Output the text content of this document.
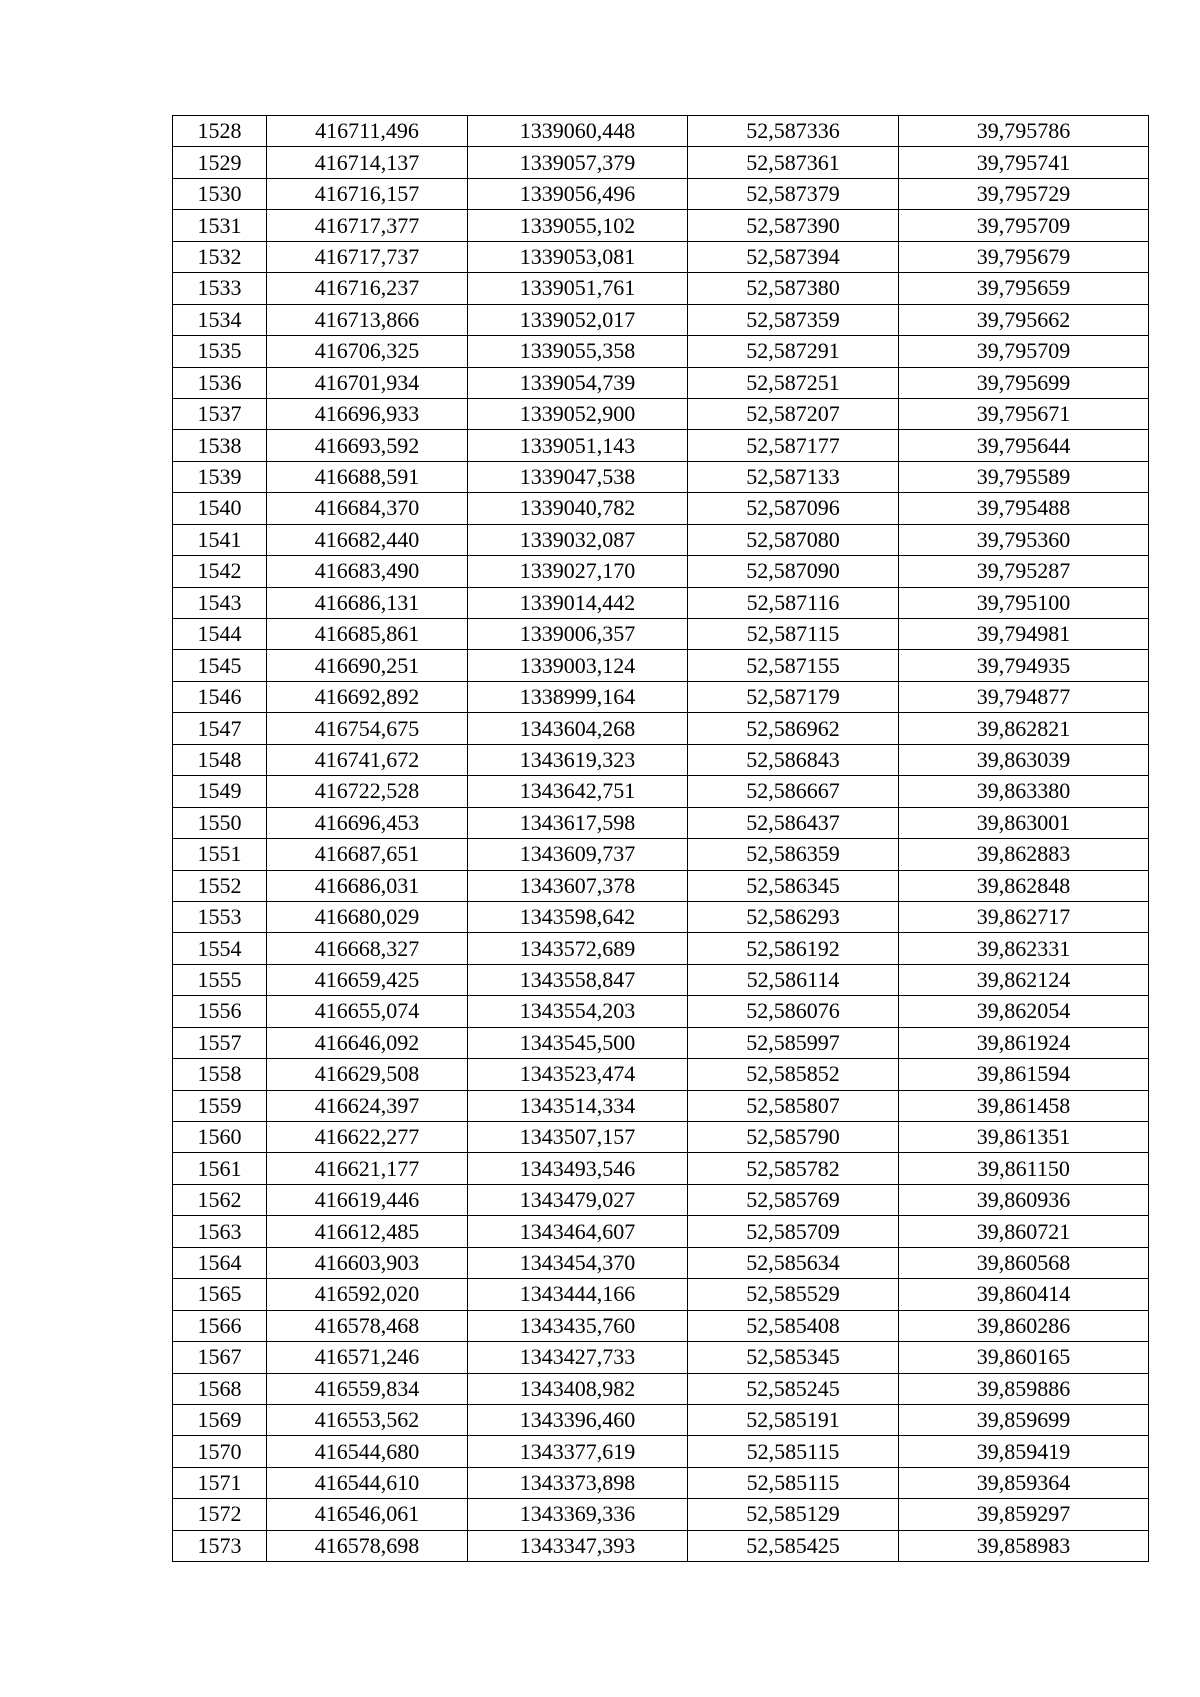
1528	416711,496	1339060,448	52,587336	39,795786
1529	416714,137	1339057,379	52,587361	39,795741
1530	416716,157	1339056,496	52,587379	39,795729
1531	416717,377	1339055,102	52,587390	39,795709
1532	416717,737	1339053,081	52,587394	39,795679
1533	416716,237	1339051,761	52,587380	39,795659
1534	416713,866	1339052,017	52,587359	39,795662
1535	416706,325	1339055,358	52,587291	39,795709
1536	416701,934	1339054,739	52,587251	39,795699
1537	416696,933	1339052,900	52,587207	39,795671
1538	416693,592	1339051,143	52,587177	39,795644
1539	416688,591	1339047,538	52,587133	39,795589
1540	416684,370	1339040,782	52,587096	39,795488
1541	416682,440	1339032,087	52,587080	39,795360
1542	416683,490	1339027,170	52,587090	39,795287
1543	416686,131	1339014,442	52,587116	39,795100
1544	416685,861	1339006,357	52,587115	39,794981
1545	416690,251	1339003,124	52,587155	39,794935
1546	416692,892	1338999,164	52,587179	39,794877
1547	416754,675	1343604,268	52,586962	39,862821
1548	416741,672	1343619,323	52,586843	39,863039
1549	416722,528	1343642,751	52,586667	39,863380
1550	416696,453	1343617,598	52,586437	39,863001
1551	416687,651	1343609,737	52,586359	39,862883
1552	416686,031	1343607,378	52,586345	39,862848
1553	416680,029	1343598,642	52,586293	39,862717
1554	416668,327	1343572,689	52,586192	39,862331
1555	416659,425	1343558,847	52,586114	39,862124
1556	416655,074	1343554,203	52,586076	39,862054
1557	416646,092	1343545,500	52,585997	39,861924
1558	416629,508	1343523,474	52,585852	39,861594
1559	416624,397	1343514,334	52,585807	39,861458
1560	416622,277	1343507,157	52,585790	39,861351
1561	416621,177	1343493,546	52,585782	39,861150
1562	416619,446	1343479,027	52,585769	39,860936
1563	416612,485	1343464,607	52,585709	39,860721
1564	416603,903	1343454,370	52,585634	39,860568
1565	416592,020	1343444,166	52,585529	39,860414
1566	416578,468	1343435,760	52,585408	39,860286
1567	416571,246	1343427,733	52,585345	39,860165
1568	416559,834	1343408,982	52,585245	39,859886
1569	416553,562	1343396,460	52,585191	39,859699
1570	416544,680	1343377,619	52,585115	39,859419
1571	416544,610	1343373,898	52,585115	39,859364
1572	416546,061	1343369,336	52,585129	39,859297
1573	416578,698	1343347,393	52,585425	39,858983
